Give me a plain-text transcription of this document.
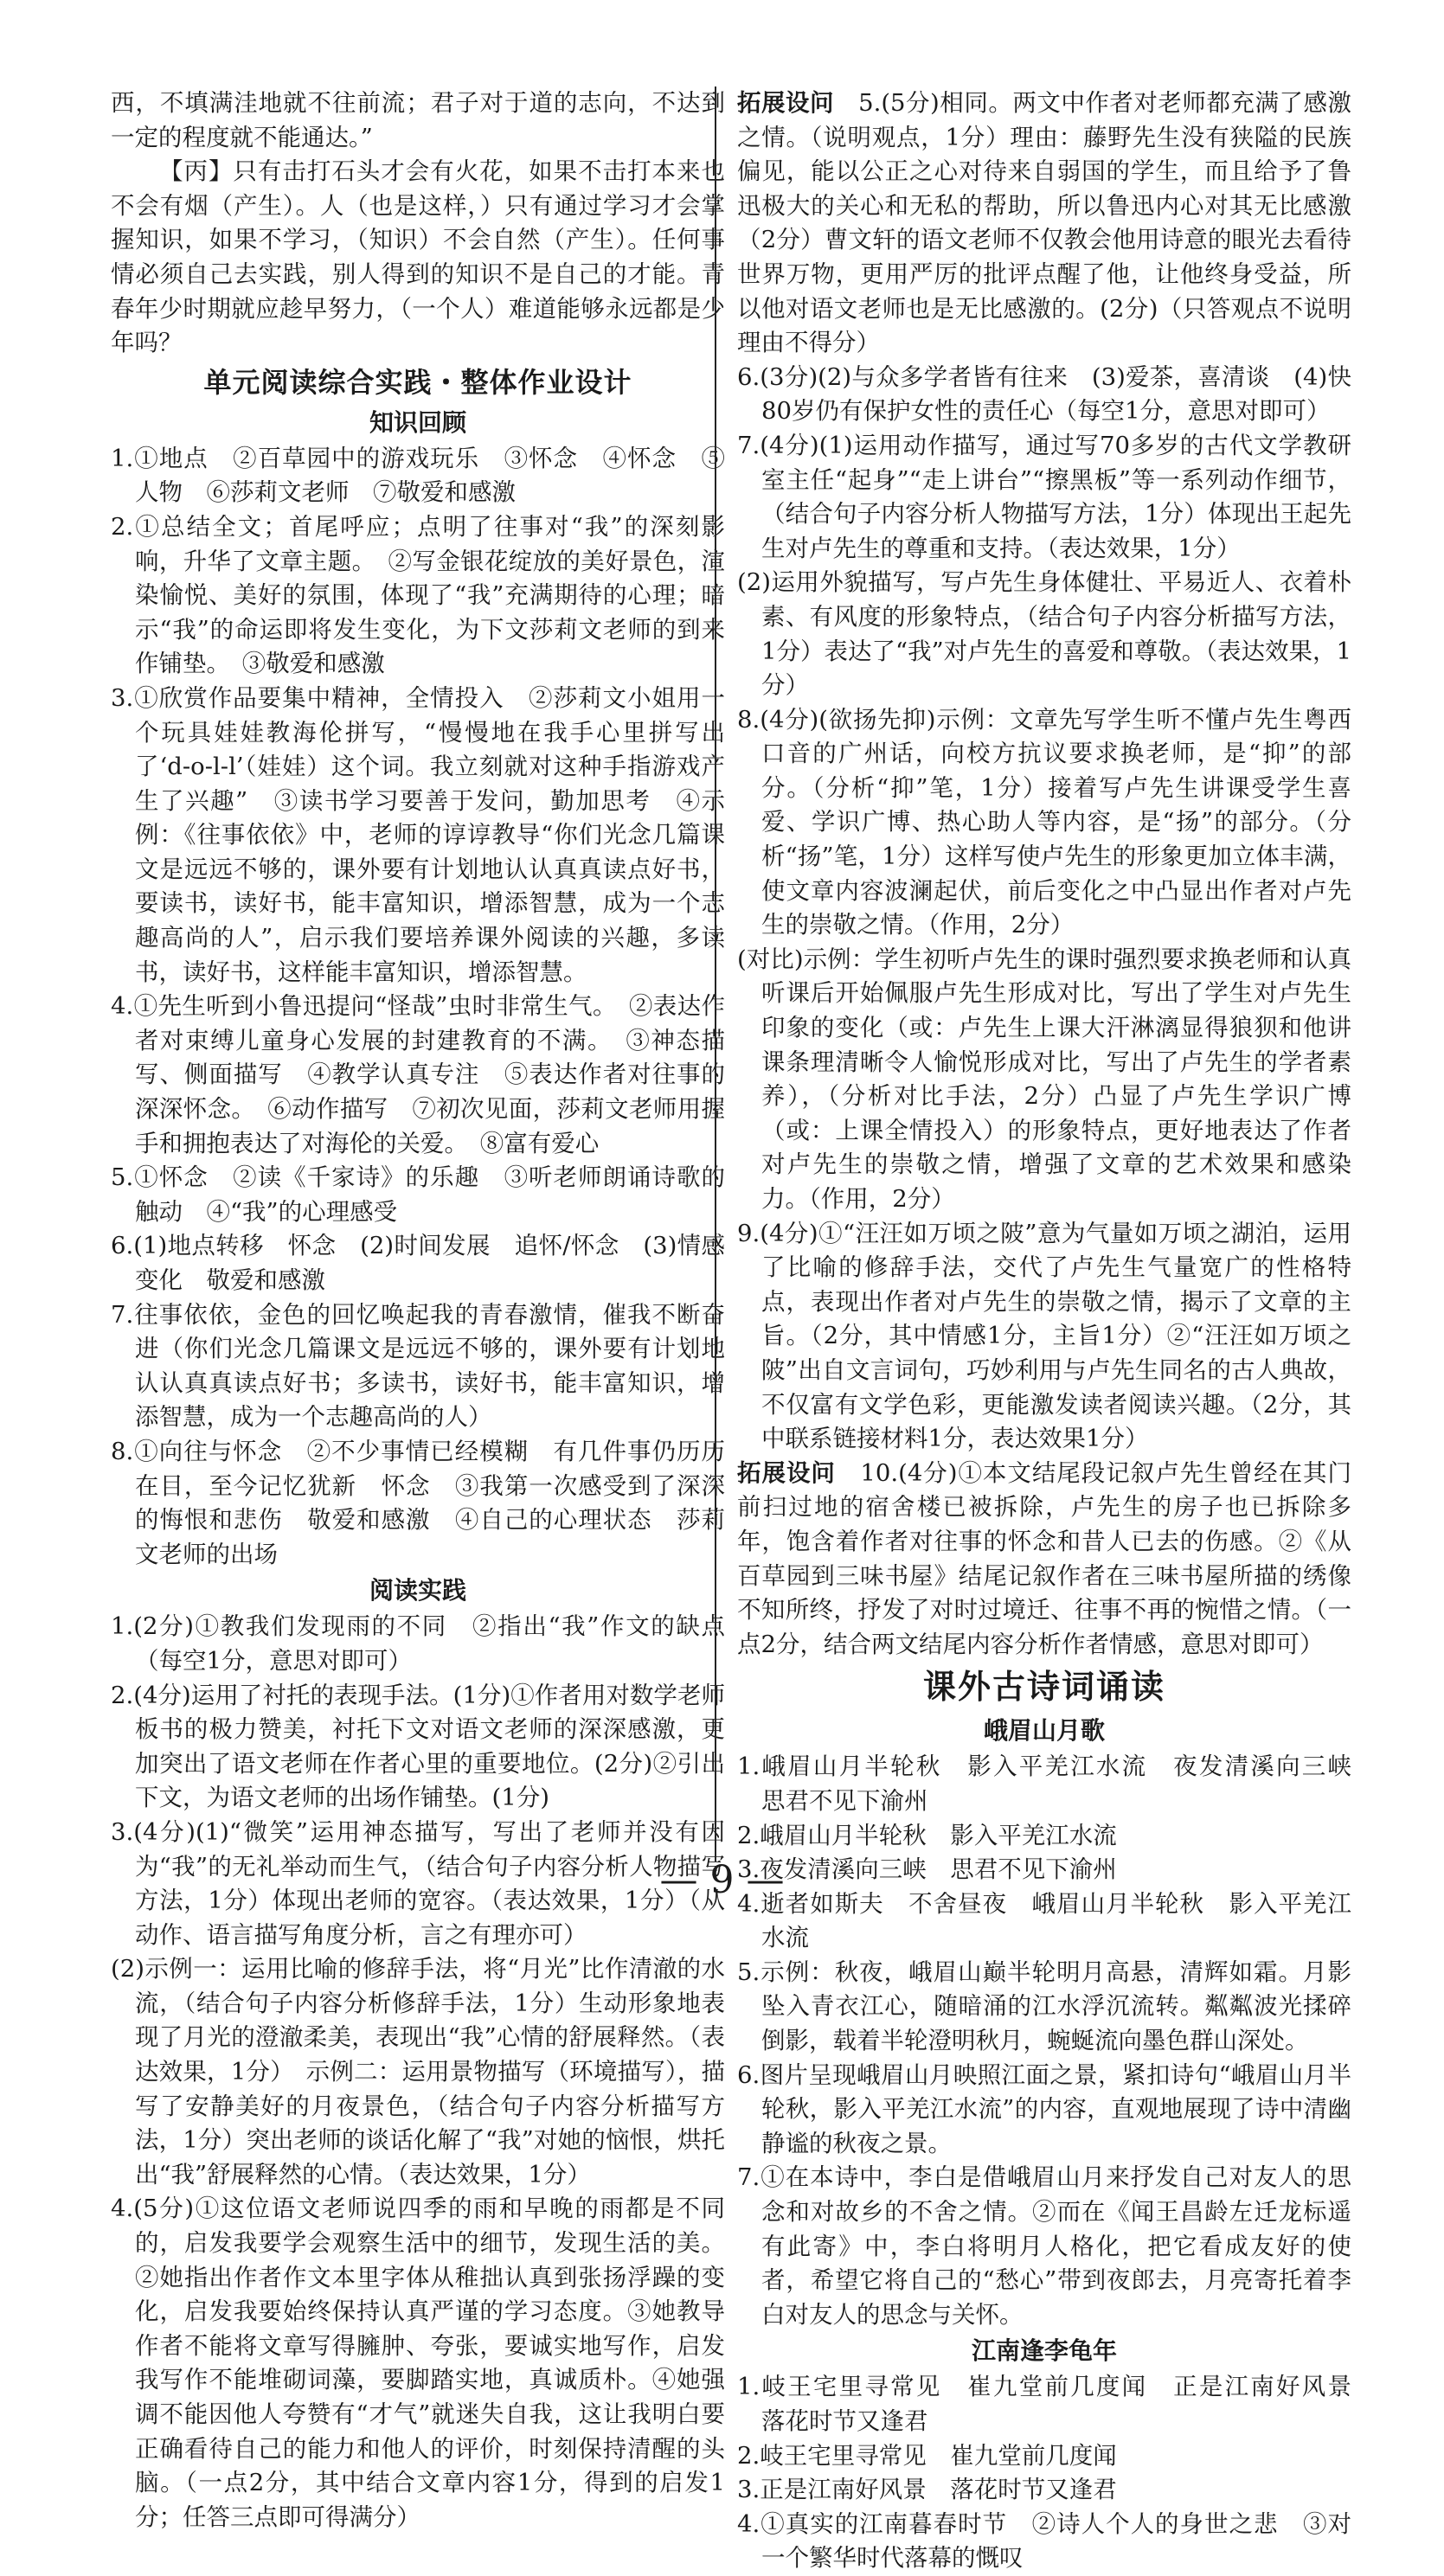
西，不填满洼地就不往前流；君子对于道的志向，不达到一定的程度就不能通达。”

【丙】只有击打石头才会有火花，如果不击打本来也不会有烟（产生）。人（也是这样，）只有通过学习才会掌握知识，如果不学习，（知识）不会自然（产生）。任何事情必须自己去实践，别人得到的知识不是自己的才能。青春年少时期就应趁早努力，（一个人）难道能够永远都是少年吗？

单元阅读综合实践・整体作业设计
知识回顾

1.①地点　②百草园中的游戏玩乐　③怀念　④怀念　⑤人物　⑥莎莉文老师　⑦敬爱和感激

2.①总结全文；首尾呼应；点明了往事对“我”的深刻影响，升华了文章主题。　②写金银花绽放的美好景色，渲染愉悦、美好的氛围，体现了“我”充满期待的心理；暗示“我”的命运即将发生变化，为下文莎莉文老师的到来作铺垫。　③敬爱和感激

3.①欣赏作品要集中精神，全情投入　②莎莉文小姐用一个玩具娃娃教海伦拼写，“慢慢地在我手心里拼写出了‘d-o-l-l’（娃娃）这个词。我立刻就对这种手指游戏产生了兴趣”　③读书学习要善于发问，勤加思考　④示例：《往事依依》中，老师的谆谆教导“你们光念几篇课文是远远不够的，课外要有计划地认认真真读点好书，要读书，读好书，能丰富知识，增添智慧，成为一个志趣高尚的人”，启示我们要培养课外阅读的兴趣，多读书，读好书，这样能丰富知识，增添智慧。

4.①先生听到小鲁迅提问“怪哉”虫时非常生气。　②表达作者对束缚儿童身心发展的封建教育的不满。　③神态描写、侧面描写　④教学认真专注　⑤表达作者对往事的深深怀念。　⑥动作描写　⑦初次见面，莎莉文老师用握手和拥抱表达了对海伦的关爱。　⑧富有爱心

5.①怀念　②读《千家诗》的乐趣　③听老师朗诵诗歌的触动　④“我”的心理感受

6.(1)地点转移　怀念　(2)时间发展　追怀/怀念　(3)情感变化　敬爱和感激

7.往事依依，金色的回忆唤起我的青春激情，催我不断奋进（你们光念几篇课文是远远不够的，课外要有计划地认认真真读点好书；多读书，读好书，能丰富知识，增添智慧，成为一个志趣高尚的人）

8.①向往与怀念　②不少事情已经模糊　有几件事仍历历在目，至今记忆犹新　怀念　③我第一次感受到了深深的悔恨和悲伤　敬爱和感激　④自己的心理状态　莎莉文老师的出场

阅读实践

1.(2分)①教我们发现雨的不同　②指出“我”作文的缺点（每空1分，意思对即可）

2.(4分)运用了衬托的表现手法。(1分)①作者用对数学老师板书的极力赞美，衬托下文对语文老师的深深感激，更加突出了语文老师在作者心里的重要地位。(2分)②引出下文，为语文老师的出场作铺垫。(1分)

3.(4分)(1)“微笑”运用神态描写，写出了老师并没有因为“我”的无礼举动而生气，（结合句子内容分析人物描写方法，1分）体现出老师的宽容。（表达效果，1分）（从动作、语言描写角度分析，言之有理亦可）

(2)示例一：运用比喻的修辞手法，将“月光”比作清澈的水流，（结合句子内容分析修辞手法，1分）生动形象地表现了月光的澄澈柔美，表现出“我”心情的舒展释然。（表达效果，1分）　示例二：运用景物描写（环境描写），描写了安静美好的月夜景色，（结合句子内容分析描写方法，1分）突出老师的谈话化解了“我”对她的恼恨，烘托出“我”舒展释然的心情。（表达效果，1分）

4.(5分)①这位语文老师说四季的雨和早晚的雨都是不同的，启发我要学会观察生活中的细节，发现生活的美。②她指出作者作文本里字体从稚拙认真到张扬浮躁的变化，启发我要始终保持认真严谨的学习态度。③她教导作者不能将文章写得臃肿、夸张，要诚实地写作，启发我写作不能堆砌词藻，要脚踏实地，真诚质朴。④她强调不能因他人夸赞有“才气”就迷失自我，这让我明白要正确看待自己的能力和他人的评价，时刻保持清醒的头脑。（一点2分，其中结合文章内容1分，得到的启发1分；任答三点即可得满分）

拓展设问　5.(5分)相同。两文中作者对老师都充满了感激之情。（说明观点，1分）理由：藤野先生没有狭隘的民族偏见，能以公正之心对待来自弱国的学生，而且给予了鲁迅极大的关心和无私的帮助，所以鲁迅内心对其无比感激（2分）曹文轩的语文老师不仅教会他用诗意的眼光去看待世界万物，更用严厉的批评点醒了他，让他终身受益，所以他对语文老师也是无比感激的。(2分)（只答观点不说明理由不得分）

6.(3分)(2)与众多学者皆有往来　(3)爱茶，喜清谈　(4)快80岁仍有保护女性的责任心（每空1分，意思对即可）

7.(4分)(1)运用动作描写，通过写70多岁的古代文学教研室主任“起身”“走上讲台”“擦黑板”等一系列动作细节，（结合句子内容分析人物描写方法，1分）体现出王起先生对卢先生的尊重和支持。（表达效果，1分）

(2)运用外貌描写，写卢先生身体健壮、平易近人、衣着朴素、有风度的形象特点，（结合句子内容分析描写方法，1分）表达了“我”对卢先生的喜爱和尊敬。（表达效果，1分）

8.(4分)(欲扬先抑)示例：文章先写学生听不懂卢先生粤西口音的广州话，向校方抗议要求换老师，是“抑”的部分。（分析“抑”笔，1分）接着写卢先生讲课受学生喜爱、学识广博、热心助人等内容，是“扬”的部分。（分析“扬”笔，1分）这样写使卢先生的形象更加立体丰满，使文章内容波澜起伏，前后变化之中凸显出作者对卢先生的崇敬之情。（作用，2分）

(对比)示例：学生初听卢先生的课时强烈要求换老师和认真听课后开始佩服卢先生形成对比，写出了学生对卢先生印象的变化（或：卢先生上课大汗淋漓显得狼狈和他讲课条理清晰令人愉悦形成对比，写出了卢先生的学者素养），（分析对比手法，2分）凸显了卢先生学识广博（或：上课全情投入）的形象特点，更好地表达了作者对卢先生的崇敬之情，增强了文章的艺术效果和感染力。（作用，2分）

9.(4分)①“汪汪如万顷之陂”意为气量如万顷之湖泊，运用了比喻的修辞手法，交代了卢先生气量宽广的性格特点，表现出作者对卢先生的崇敬之情，揭示了文章的主旨。（2分，其中情感1分，主旨1分）②“汪汪如万顷之陂”出自文言词句，巧妙利用与卢先生同名的古人典故，不仅富有文学色彩，更能激发读者阅读兴趣。（2分，其中联系链接材料1分，表达效果1分）

拓展设问　10.(4分)①本文结尾段记叙卢先生曾经在其门前扫过地的宿舍楼已被拆除，卢先生的房子也已拆除多年，饱含着作者对往事的怀念和昔人已去的伤感。②《从百草园到三味书屋》结尾记叙作者在三味书屋所描的绣像不知所终，抒发了对时过境迁、往事不再的惋惜之情。（一点2分，结合两文结尾内容分析作者情感，意思对即可）

课外古诗词诵读
峨眉山月歌

1.峨眉山月半轮秋　影入平羌江水流　夜发清溪向三峡　思君不见下渝州

2.峨眉山月半轮秋　影入平羌江水流

3.夜发清溪向三峡　思君不见下渝州

4.逝者如斯夫　不舍昼夜　峨眉山月半轮秋　影入平羌江水流

5.示例：秋夜，峨眉山巅半轮明月高悬，清辉如霜。月影坠入青衣江心，随暗涌的江水浮沉流转。粼粼波光揉碎倒影，载着半轮澄明秋月，蜿蜒流向墨色群山深处。

6.图片呈现峨眉山月映照江面之景，紧扣诗句“峨眉山月半轮秋，影入平羌江水流”的内容，直观地展现了诗中清幽静谧的秋夜之景。

7.①在本诗中，李白是借峨眉山月来抒发自己对友人的思念和对故乡的不舍之情。②而在《闻王昌龄左迁龙标遥有此寄》中，李白将明月人格化，把它看成友好的使者，希望它将自己的“愁心”带到夜郎去，月亮寄托着李白对友人的思念与关怀。

江南逢李龟年

1.岐王宅里寻常见　崔九堂前几度闻　正是江南好风景　落花时节又逢君

2.岐王宅里寻常见　崔九堂前几度闻

3.正是江南好风景　落花时节又逢君

4.①真实的江南暮春时节　②诗人个人的身世之悲　③对一个繁华时代落幕的慨叹

— 9 —
